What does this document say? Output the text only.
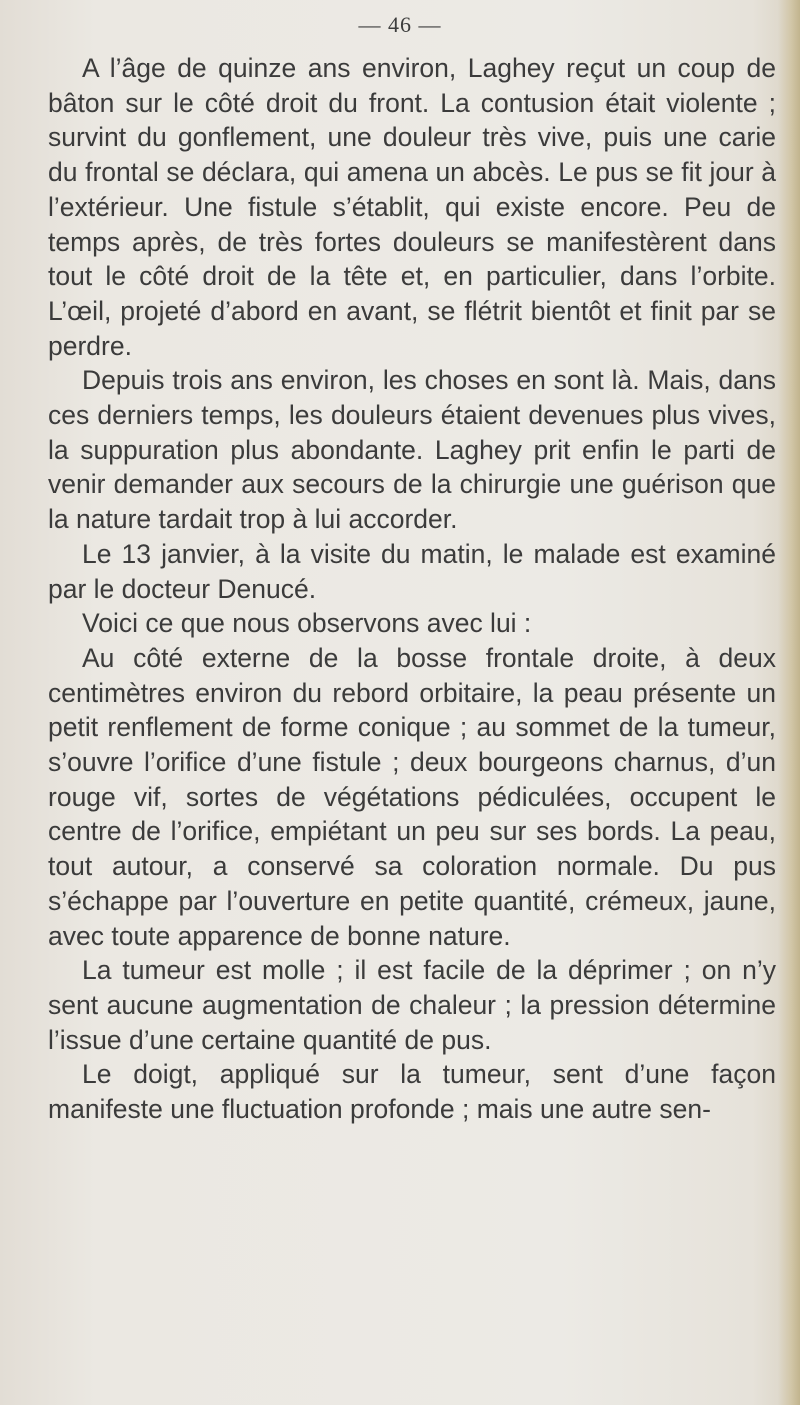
— 46 —

A l’âge de quinze ans environ, Laghey reçut un coup de bâton sur le côté droit du front. La contusion était violente ; survint du gonflement, une douleur très vive, puis une carie du frontal se déclara, qui amena un abcès. Le pus se fit jour à l’extérieur. Une fistule s’établit, qui existe encore. Peu de temps après, de très fortes douleurs se manifestèrent dans tout le côté droit de la tête et, en particulier, dans l’orbite. L’œil, projeté d’abord en avant, se flétrit bientôt et finit par se perdre.

Depuis trois ans environ, les choses en sont là. Mais, dans ces derniers temps, les douleurs étaient devenues plus vives, la suppuration plus abondante. Laghey prit enfin le parti de venir demander aux secours de la chirurgie une guérison que la nature tardait trop à lui accorder.

Le 13 janvier, à la visite du matin, le malade est examiné par le docteur Denucé.

Voici ce que nous observons avec lui :

Au côté externe de la bosse frontale droite, à deux centimètres environ du rebord orbitaire, la peau présente un petit renflement de forme conique ; au sommet de la tumeur, s’ouvre l’orifice d’une fistule ; deux bourgeons charnus, d’un rouge vif, sortes de végétations pédiculées, occupent le centre de l’orifice, empiétant un peu sur ses bords. La peau, tout autour, a conservé sa coloration normale. Du pus s’échappe par l’ouverture en petite quantité, crémeux, jaune, avec toute apparence de bonne nature.

La tumeur est molle ; il est facile de la déprimer ; on n’y sent aucune augmentation de chaleur ; la pression détermine l’issue d’une certaine quantité de pus.

Le doigt, appliqué sur la tumeur, sent d’une façon manifeste une fluctuation profonde ; mais une autre sen-
